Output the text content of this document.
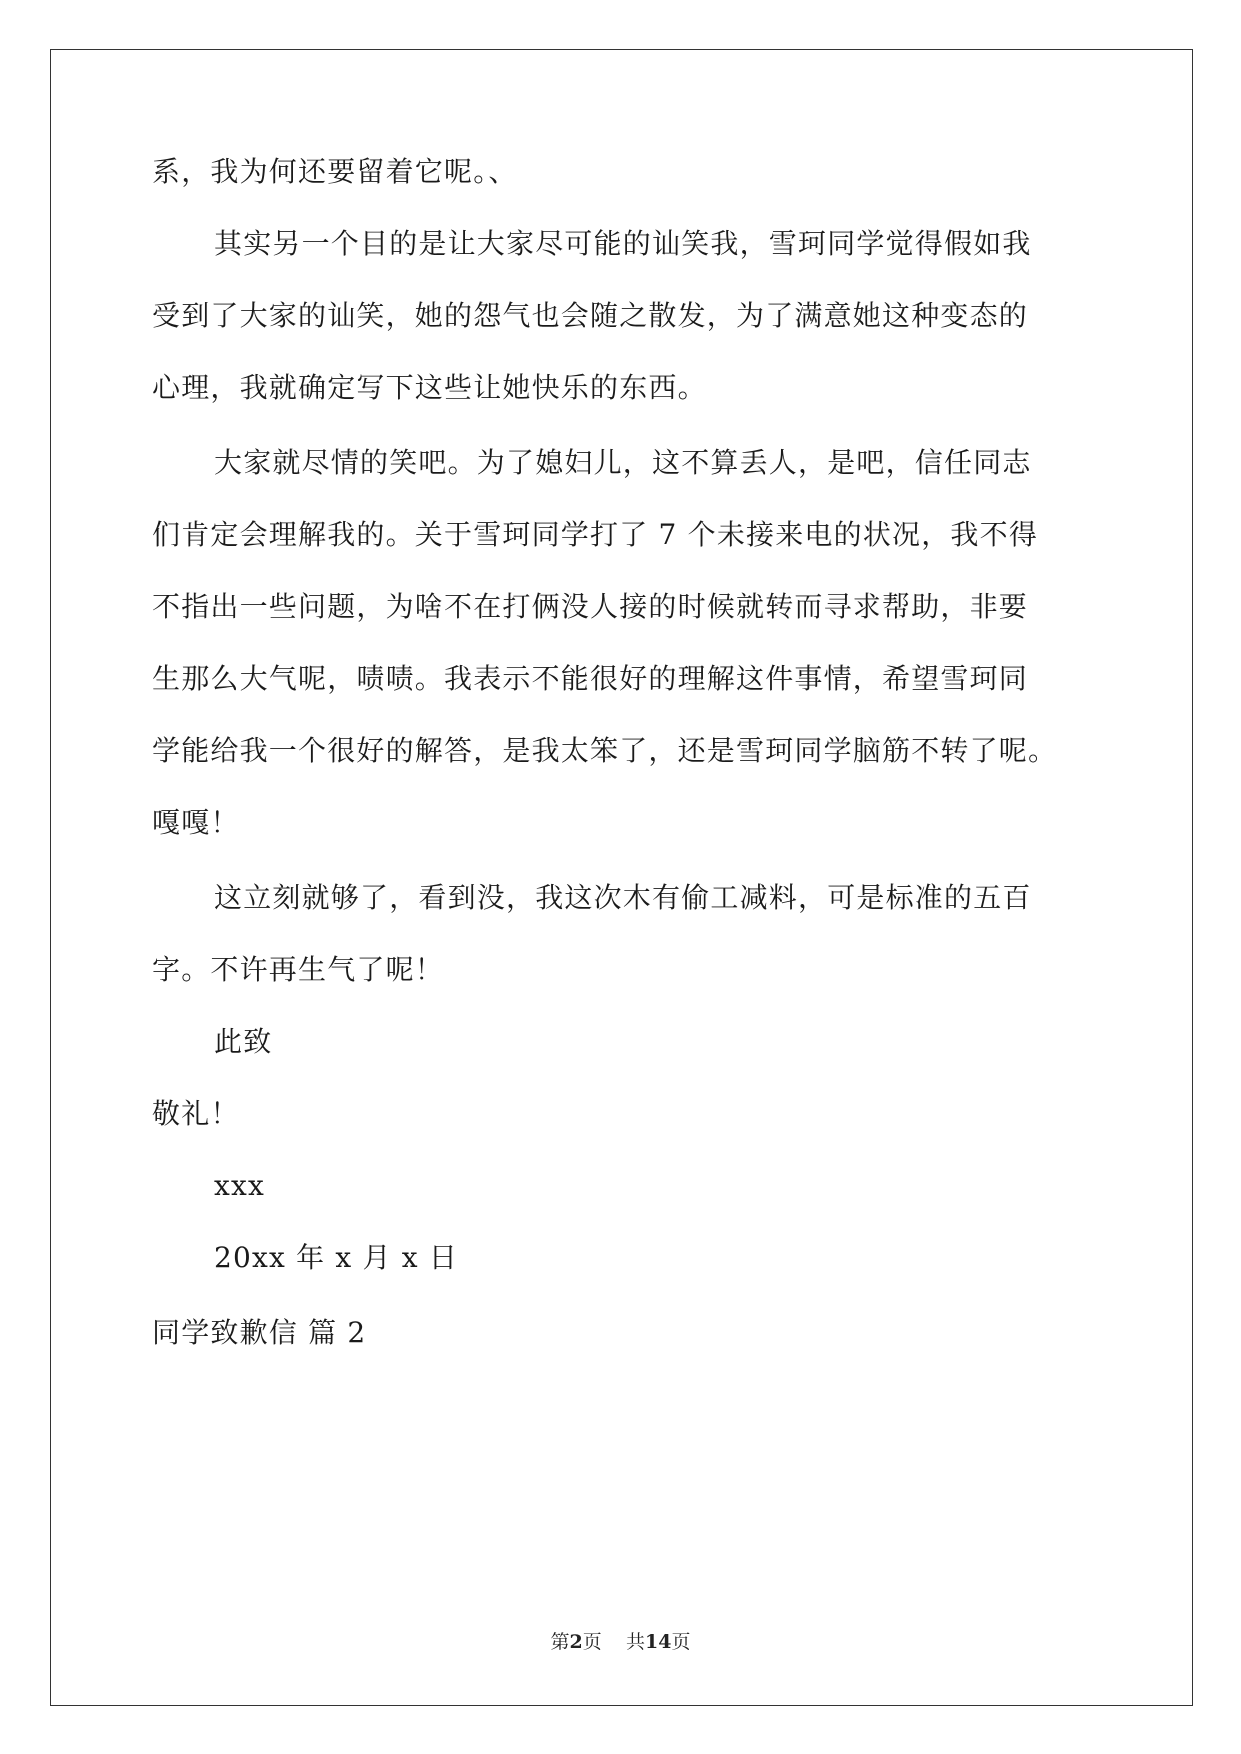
系，我为何还要留着它呢。、
其实另一个目的是让大家尽可能的讪笑我，雪珂同学觉得假如我
受到了大家的讪笑，她的怨气也会随之散发，为了满意她这种变态的
心理，我就确定写下这些让她快乐的东西。
大家就尽情的笑吧。为了媳妇儿，这不算丢人，是吧，信任同志
们肯定会理解我的。关于雪珂同学打了 7 个未接来电的状况，我不得
不指出一些问题，为啥不在打俩没人接的时候就转而寻求帮助，非要
生那么大气呢，啧啧。我表示不能很好的理解这件事情，希望雪珂同
学能给我一个很好的解答，是我太笨了，还是雪珂同学脑筋不转了呢。
嘎嘎！
这立刻就够了，看到没，我这次木有偷工减料，可是标准的五百
字。不许再生气了呢！
此致
敬礼！
xxx
20xx 年 x 月 x 日
同学致歉信 篇 2
第2页 共14页
